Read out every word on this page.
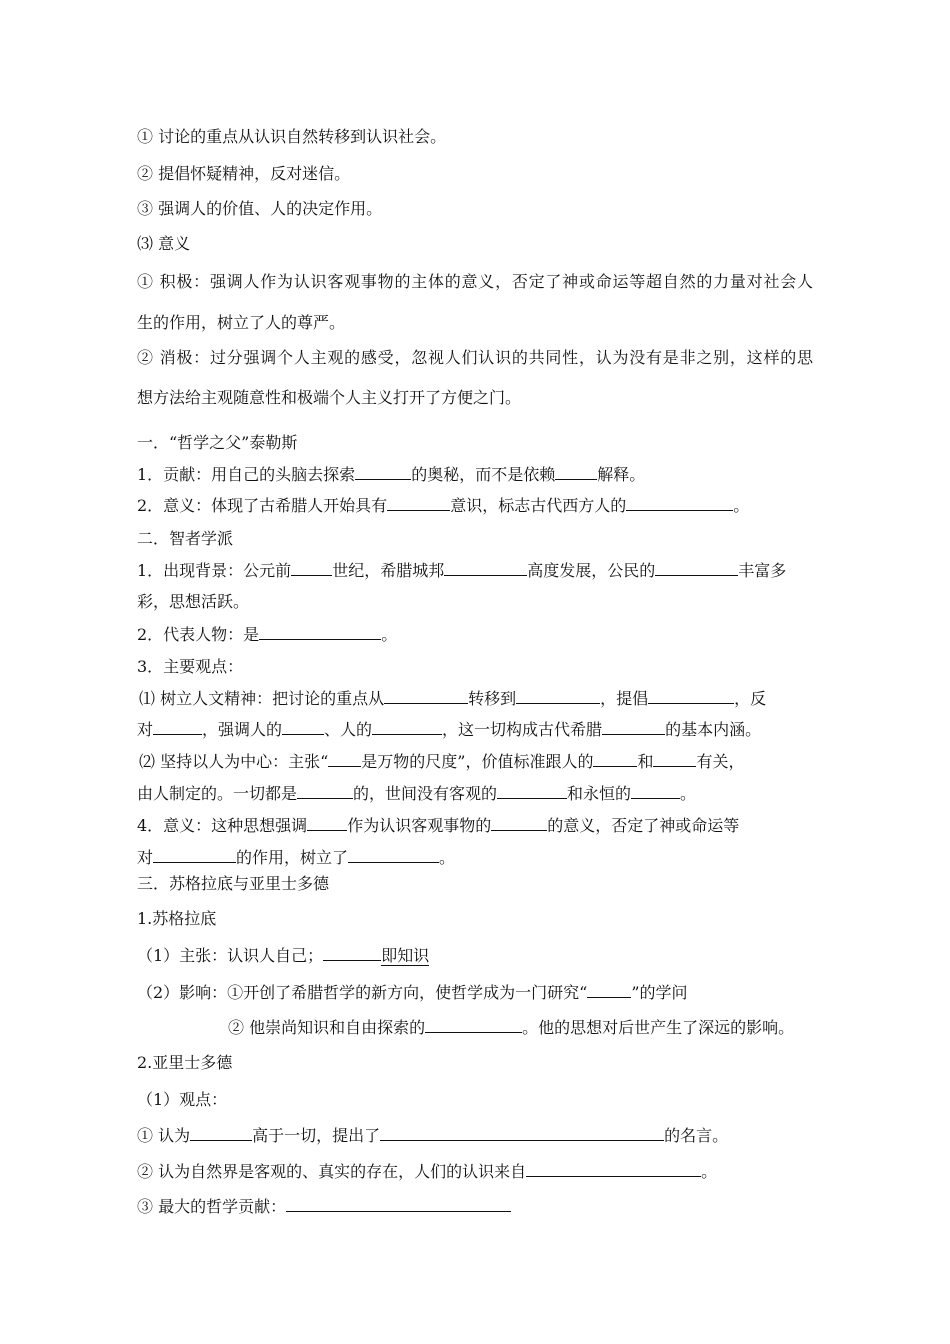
① 讨论的重点从认识自然转移到认识社会。
② 提倡怀疑精神，反对迷信。
③ 强调人的价值、人的决定作用。
⑶ 意义
① 积极：强调人作为认识客观事物的主体的意义，否定了神或命运等超自然的力量对社会人
生的作用，树立了人的尊严。
② 消极：过分强调个人主观的感受，忽视人们认识的共同性，认为没有是非之别，这样的思
想方法给主观随意性和极端个人主义打开了方便之门。
一．“哲学之父”泰勒斯
1．贡献：用自己的头脑去探索	的奥秘，而不是依赖	解释。
2．意义：体现了古希腊人开始具有	意识，标志古代西方人的	。
二．智者学派
1．出现背景：公元前	世纪，希腊城邦	高度发展，公民的	丰富多
彩，思想活跃。
2．代表人物：是	。
3．主要观点：
⑴ 树立人文精神：把讨论的重点从	转移到	，提倡	，反
对	，强调人的	、人的	，这一切构成古代希腊	的基本内涵。
⑵ 坚持以人为中心：主张“ 是万物的尺度”，价值标准跟人的	和	有关，
由人制定的。一切都是	的，世间没有客观的	和永恒的	。
4．意义：这种思想强调	作为认识客观事物的	的意义，否定了神或命运等
对	的作用，树立了	。
三．苏格拉底与亚里士多德
1.苏格拉底
（1）主张：认识人自己；	即知识
（2）影响：①开创了希腊哲学的新方向，使哲学成为一门研究“	”的学问
② 他崇尚知识和自由探索的	。他的思想对后世产生了深远的影响。
2.亚里士多德
（1）观点：
① 认为	高于一切，提出了	的名言。
② 认为自然界是客观的、真实的存在，人们的认识来自	。
③ 最大的哲学贡献：
